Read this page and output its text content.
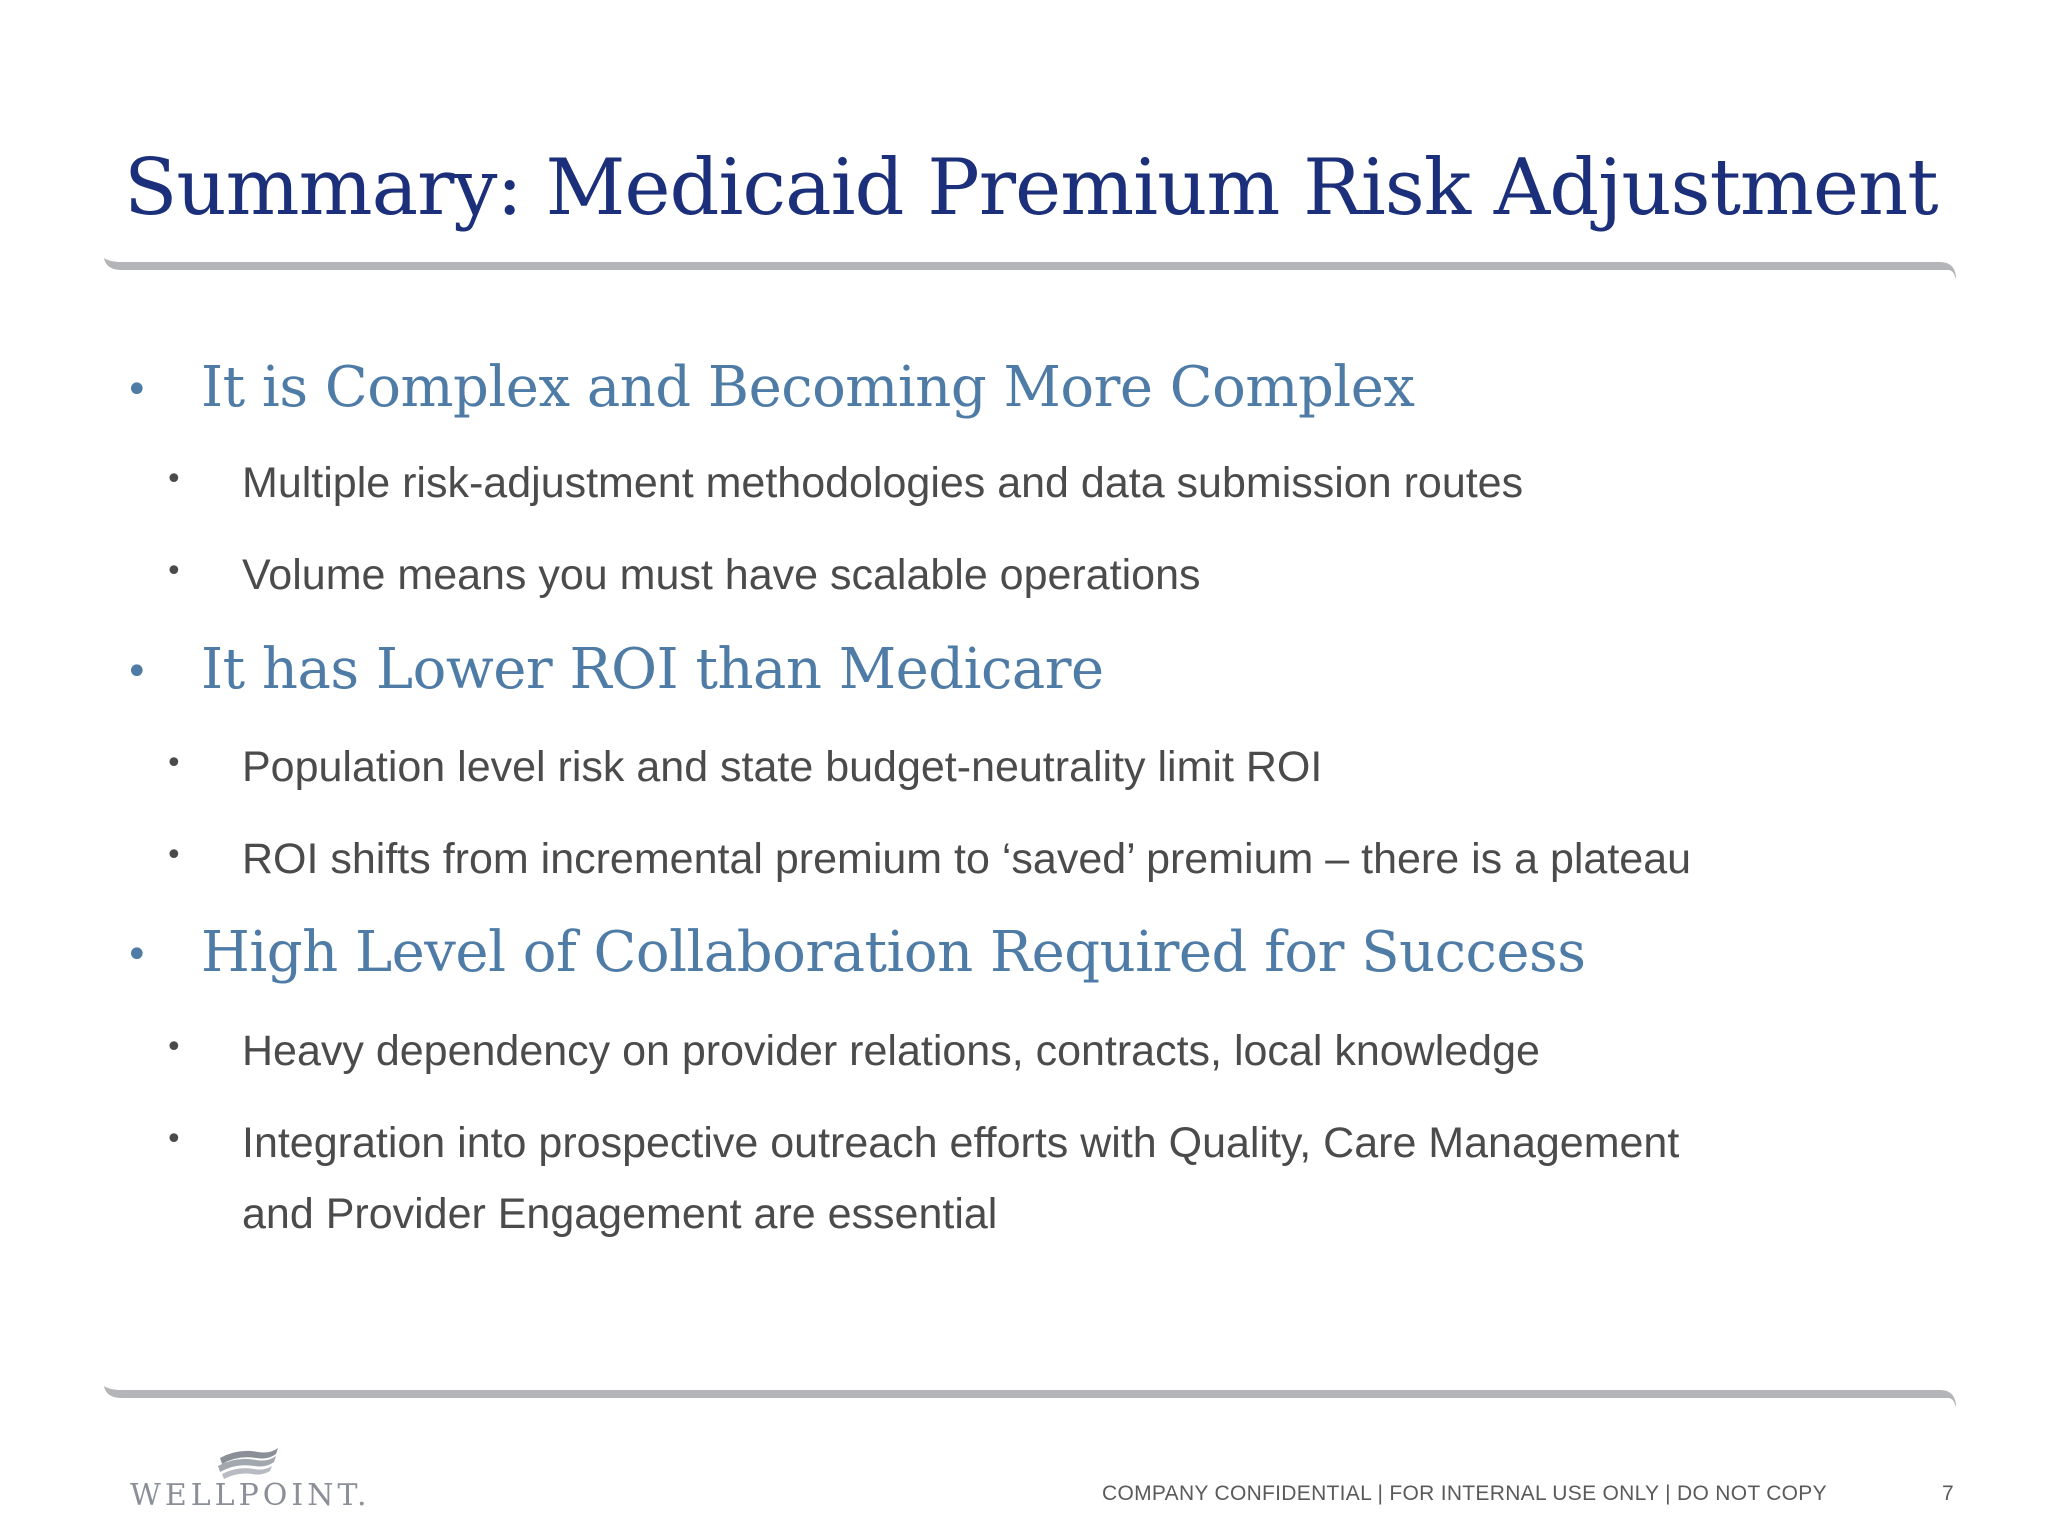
Summary: Medicaid Premium Risk Adjustment
• It is Complex and Becoming More Complex
• Multiple risk-adjustment methodologies and data submission routes
• Volume means you must have scalable operations
• It has Lower ROI than Medicare
• Population level risk and state budget-neutrality limit ROI
• ROI shifts from incremental premium to ‘saved’ premium – there is a plateau
• High Level of Collaboration Required for Success
• Heavy dependency on provider relations, contracts, local knowledge
• Integration into prospective outreach efforts with Quality, Care Management
and Provider Engagement are essential
WELLPOINT.	COMPANY CONFIDENTIAL | FOR INTERNAL USE ONLY | DO NOT COPY	7
